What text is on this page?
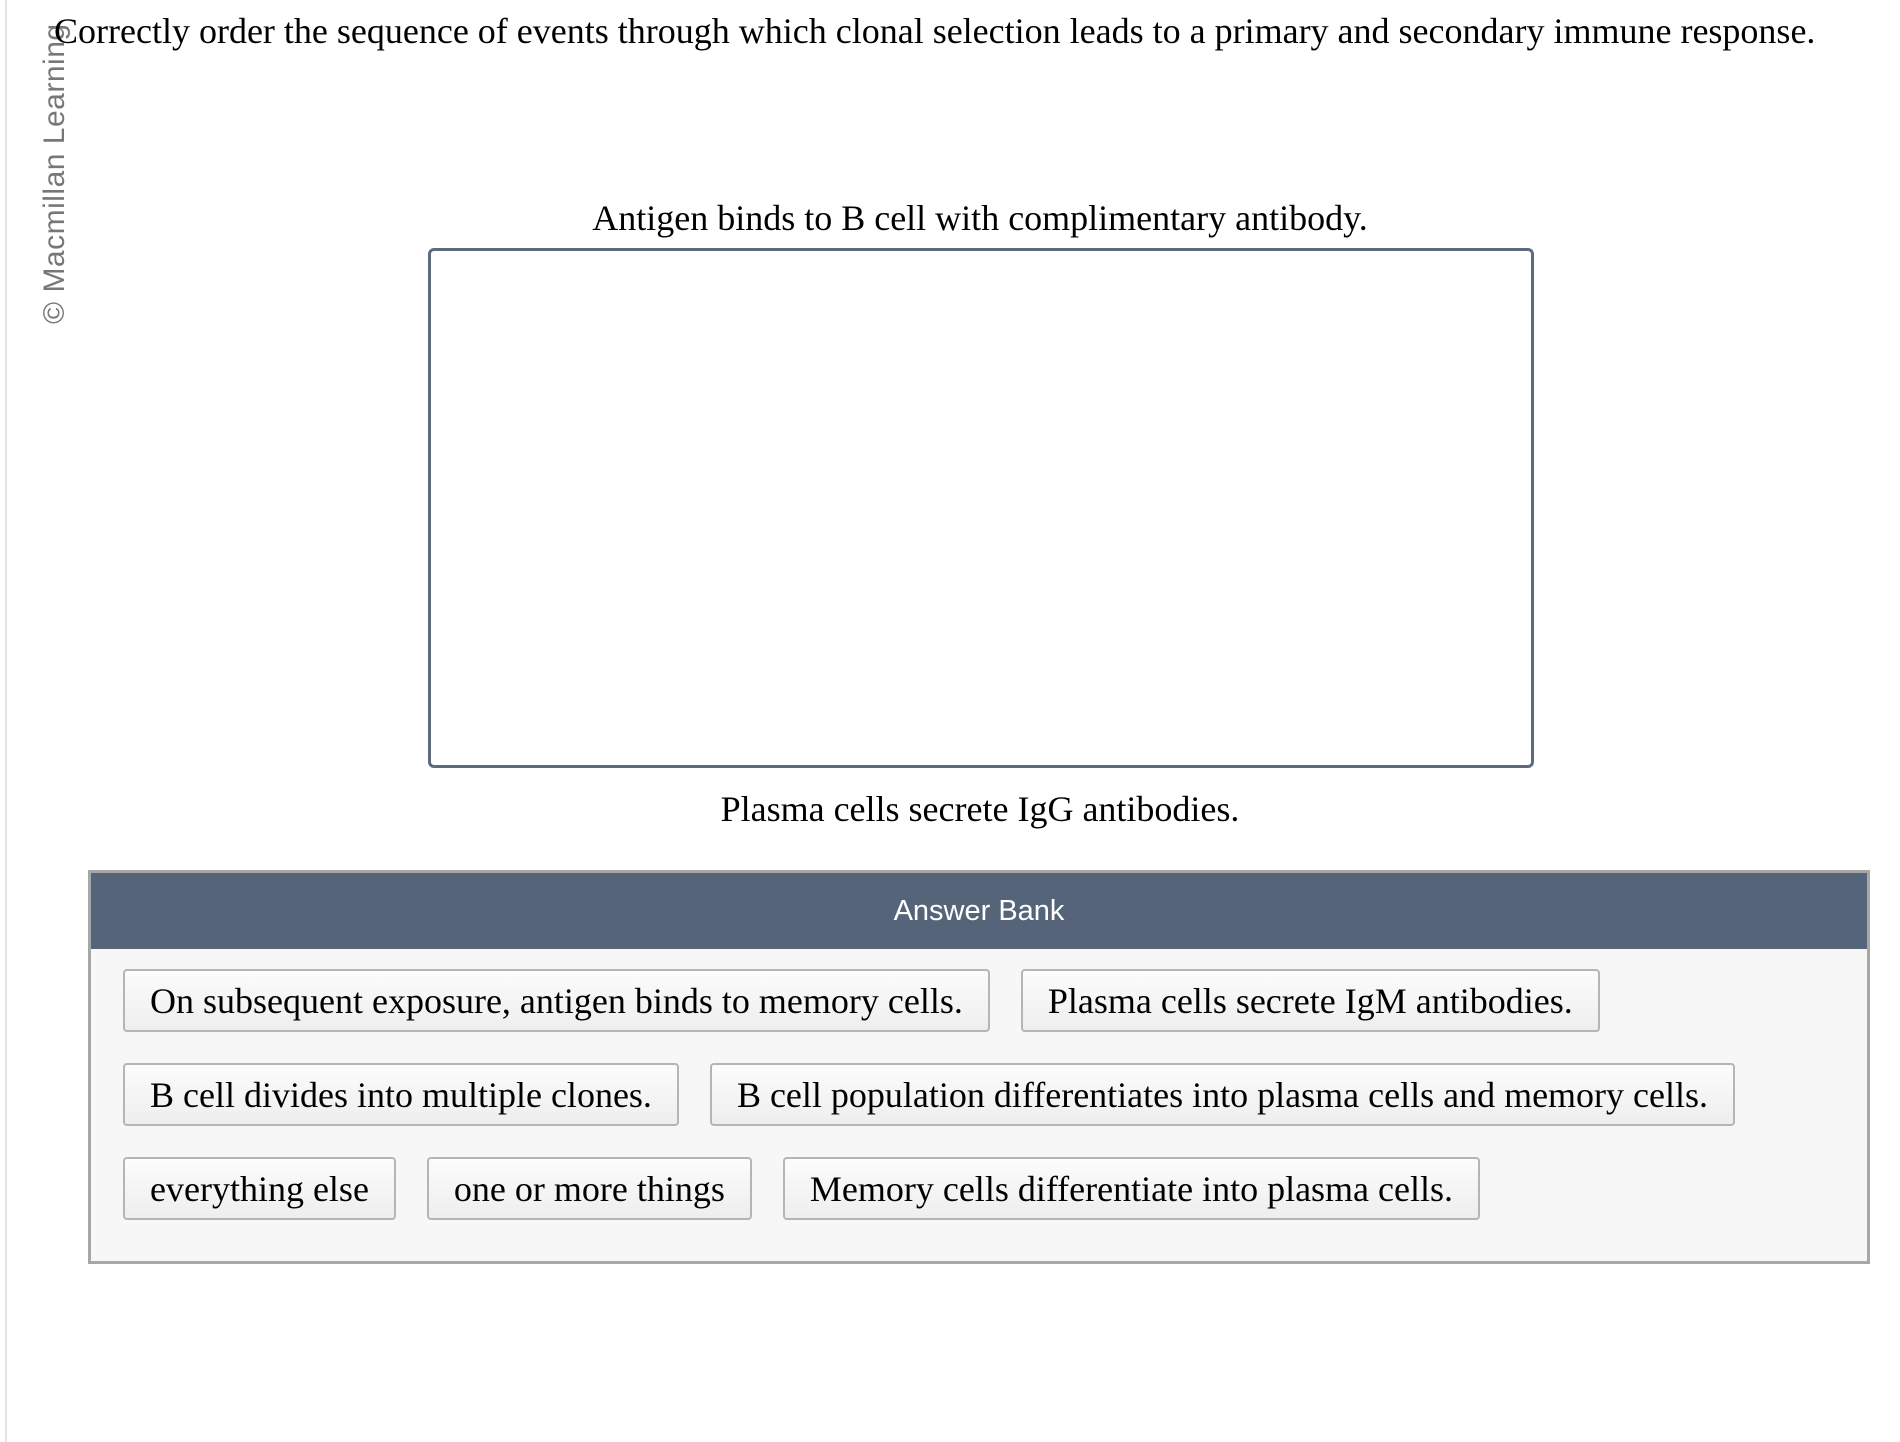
© Macmillan Learning
Correctly order the sequence of events through which clonal selection leads to a primary and secondary immune response.
Antigen binds to B cell with complimentary antibody.
Plasma cells secrete IgG antibodies.
Answer Bank
On subsequent exposure, antigen binds to memory cells.	Plasma cells secrete IgM antibodies.
B cell divides into multiple clones.	B cell population differentiates into plasma cells and memory cells.
everything else	one or more things	Memory cells differentiate into plasma cells.
